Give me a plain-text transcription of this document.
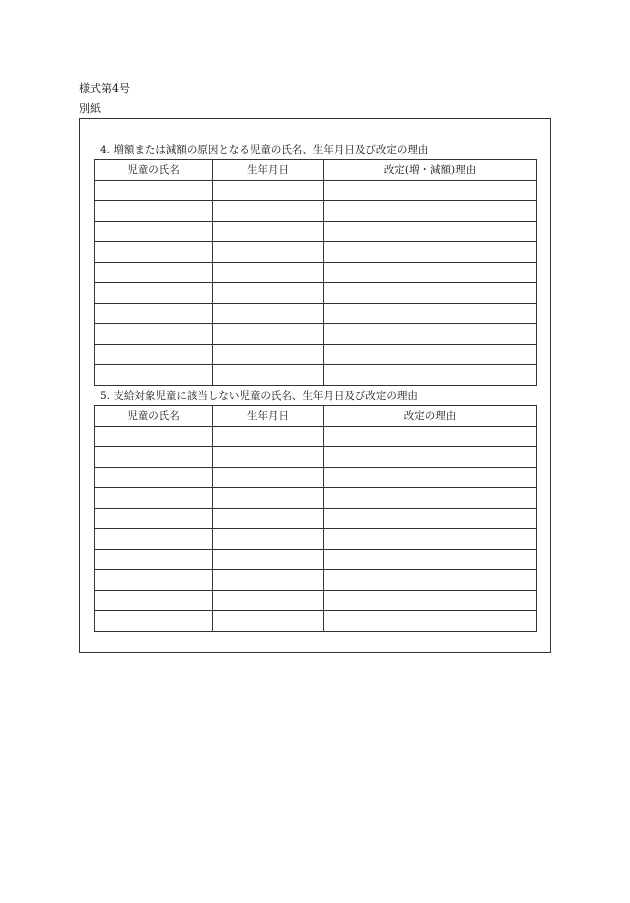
様式第4号
別紙
4. 増額または減額の原因となる児童の氏名、生年月日及び改定の理由
児童の氏名	生年月日	改定(増・減額)理由

5. 支給対象児童に該当しない児童の氏名、生年月日及び改定の理由
児童の氏名	生年月日	改定の理由
